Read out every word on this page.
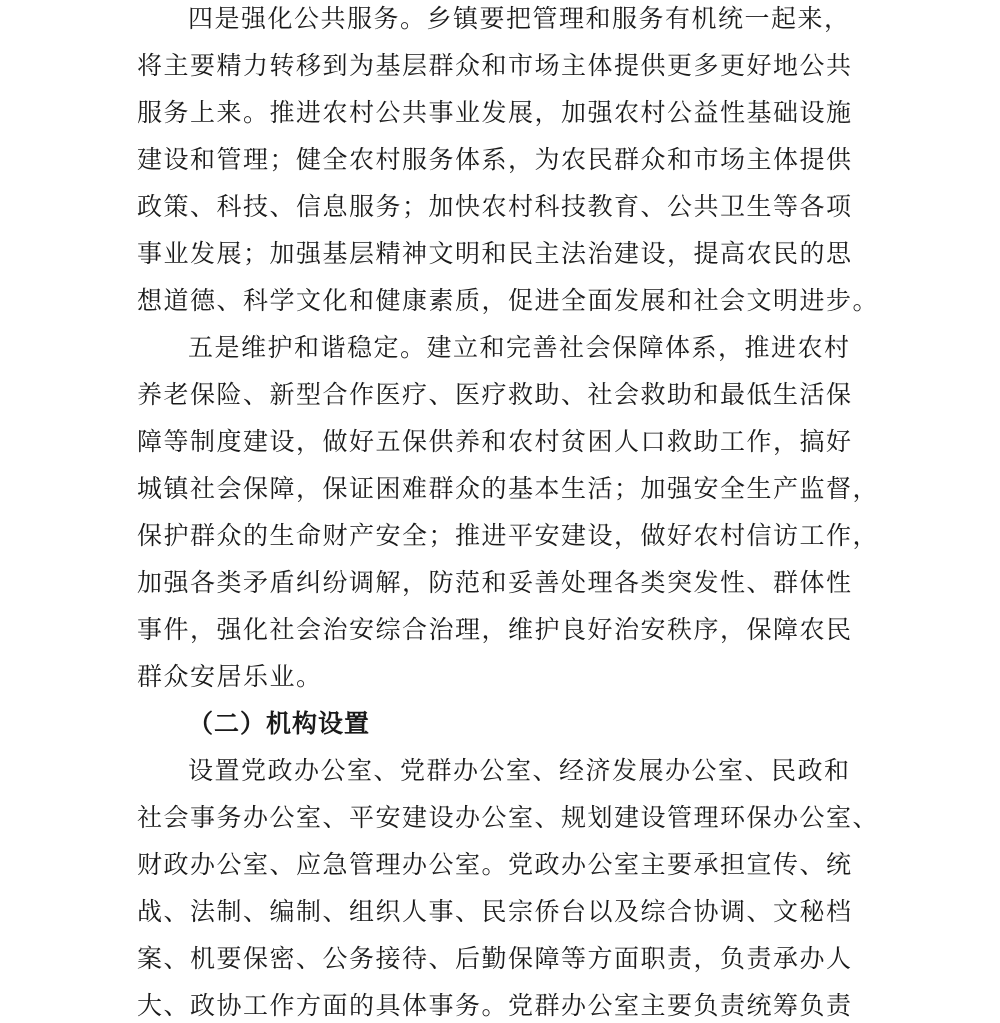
四是强化公共服务。乡镇要把管理和服务有机统一起来，
将主要精力转移到为基层群众和市场主体提供更多更好地公共
服务上来。推进农村公共事业发展，加强农村公益性基础设施
建设和管理；健全农村服务体系，为农民群众和市场主体提供
政策、科技、信息服务；加快农村科技教育、公共卫生等各项
事业发展；加强基层精神文明和民主法治建设，提高农民的思
想道德、科学文化和健康素质，促进全面发展和社会文明进步。
五是维护和谐稳定。建立和完善社会保障体系，推进农村
养老保险、新型合作医疗、医疗救助、社会救助和最低生活保
障等制度建设，做好五保供养和农村贫困人口救助工作，搞好
城镇社会保障，保证困难群众的基本生活；加强安全生产监督，
保护群众的生命财产安全；推进平安建设，做好农村信访工作，
加强各类矛盾纠纷调解，防范和妥善处理各类突发性、群体性
事件，强化社会治安综合治理，维护良好治安秩序，保障农民
群众安居乐业。
（二）机构设置
设置党政办公室、党群办公室、经济发展办公室、民政和
社会事务办公室、平安建设办公室、规划建设管理环保办公室、
财政办公室、应急管理办公室。党政办公室主要承担宣传、统
战、法制、编制、组织人事、民宗侨台以及综合协调、文秘档
案、机要保密、公务接待、后勤保障等方面职责，负责承办人
大、政协工作方面的具体事务。党群办公室主要负责统筹负责
